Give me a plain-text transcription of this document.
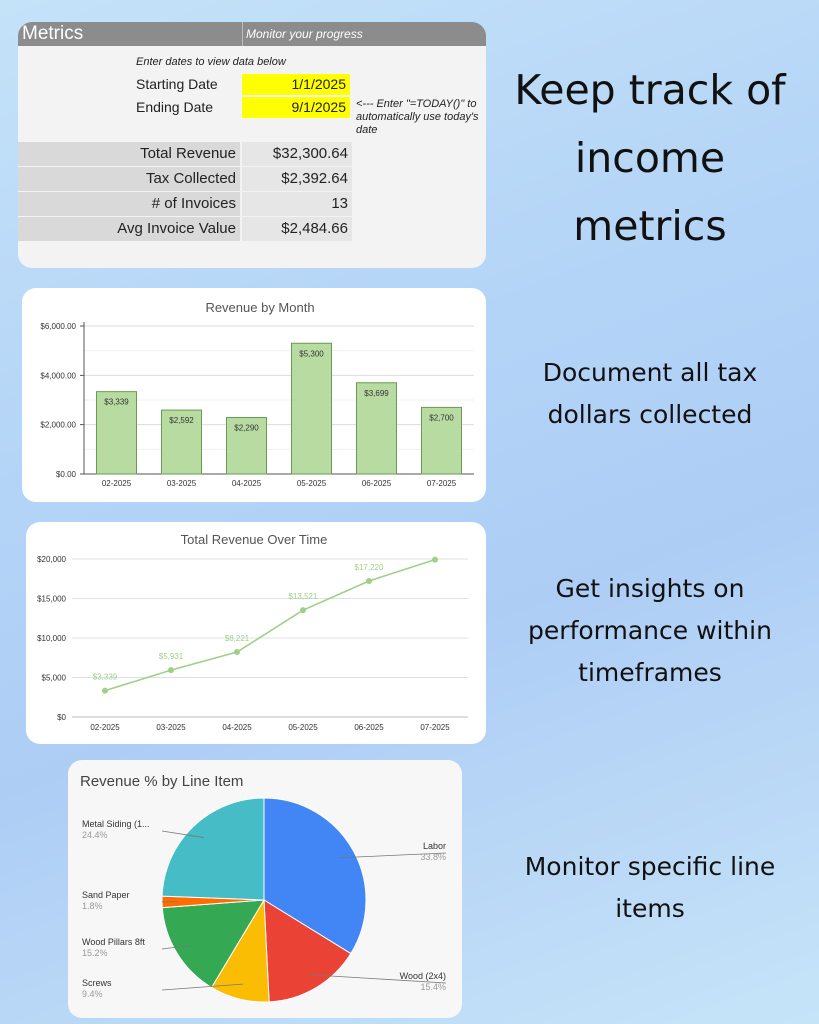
Metrics	Monitor your progress
Enter dates to view data below
Starting Date	1/1/2025
Ending Date	9/1/2025 <--- Enter "=TODAY()" to automatically use today's date
Total Revenue	$32,300.64
Tax Collected	$2,392.64
# of Invoices	13
Avg Invoice Value	$2,484.66
Revenue by Month
$0.00
$2,000.00
$4,000.00
$6,000.00
02-2025	03-2025	04-2025	05-2025	06-2025	07-2025
$3,339
$2,592
$2,290
$5,300
$3,699
$2,700
Total Revenue Over Time
$0
$5,000
$10,000
$15,000
$20,000
02-2025	03-2025	04-2025	05-2025	06-2025	07-2025
$3,339
$5,931
$8,221
$13,521
$17,220
Revenue % by Line Item
Labor
33.8%
Wood (2x4)
15.4%
Screws
9.4%
Wood Pillars 8ft
15.2%
Sand Paper
1.8%
Metal Siding (1...
24.4%
Keep track of income metrics
Document all tax dollars collected
Get insights on performance within timeframes
Monitor specific line items
